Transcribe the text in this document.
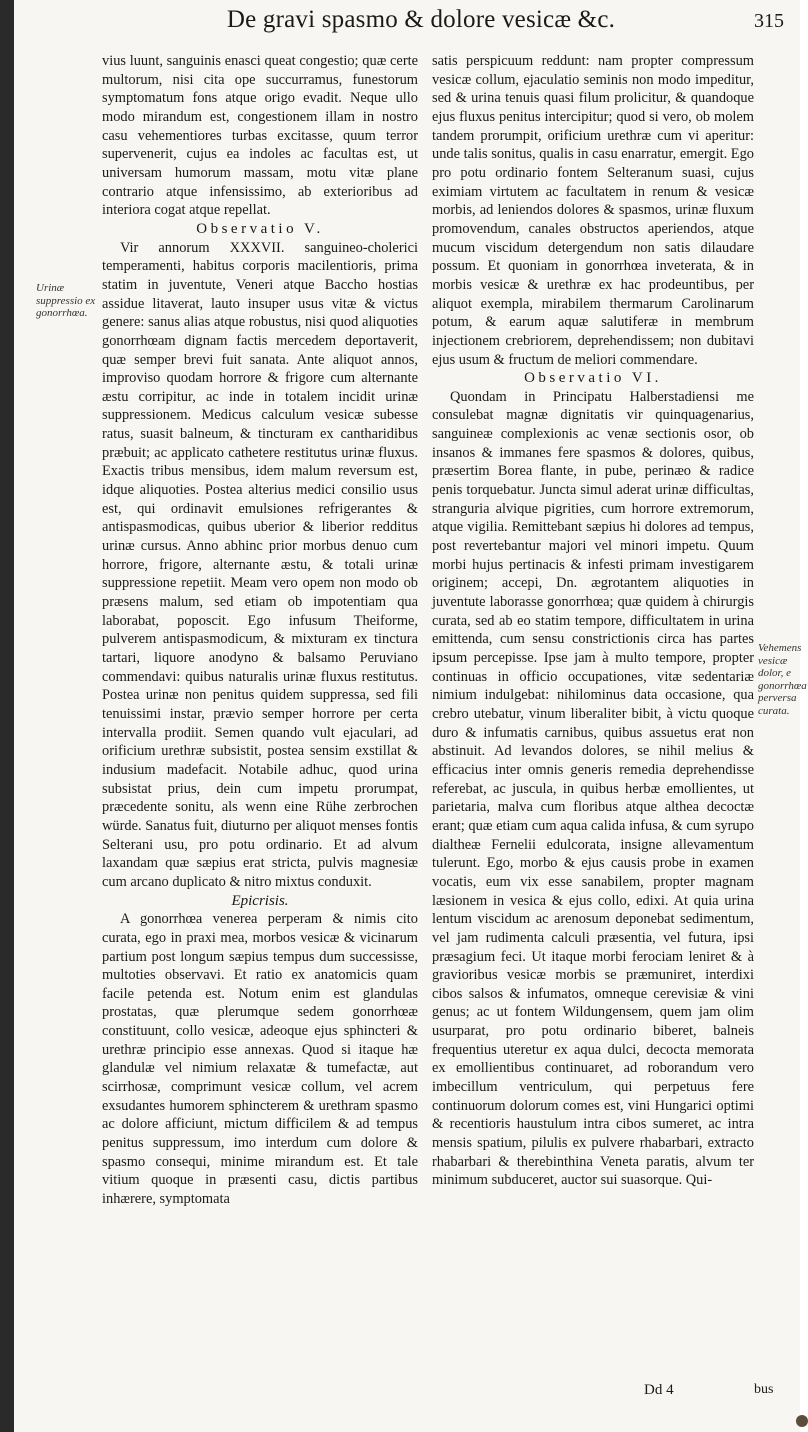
De gravi spasmo & dolore vesicæ &c.	315
Urinæ suppressio ex gonorrhœa.
Vehemens vesicæ dolor, e gonorrhœa perversa curata.

vius luunt, sanguinis enasci queat congestio; quæ certe multorum, nisi cita ope succurramus, funestorum symptomatum fons atque origo evadit. Neque ullo modo mirandum est, congestionem illam in nostro casu vehementiores turbas excitasse, quum terror supervenerit, cujus ea indoles ac facultas est, ut universam humorum massam, motu vitæ plane contrario atque infensissimo, ab exterioribus ad interiora cogat atque repellat.

Observatio V.

Vir annorum XXXVII. sanguineo-cholerici temperamenti, habitus corporis macilentioris, prima statim in juventute, Veneri atque Baccho hostias assidue litaverat, lauto insuper usus vitæ & victus genere: sanus alias atque robustus, nisi quod aliquoties gonorrhœam dignam factis mercedem deportaverit, quæ semper brevi fuit sanata. Ante aliquot annos, improviso quodam horrore & frigore cum alternante æstu corripitur, ac inde in totalem incidit urinæ suppressionem. Medicus calculum vesicæ subesse ratus, suasit balneum, & tincturam ex cantharidibus præbuit; ac applicato cathetere restitutus urinæ fluxus. Exactis tribus mensibus, idem malum reversum est, idque aliquoties. Postea alterius medici consilio usus est, qui ordinavit emulsiones refrigerantes & antispasmodicas, quibus uberior & liberior redditus urinæ cursus. Anno abhinc prior morbus denuo cum horrore, frigore, alternante æstu, & totali urinæ suppressione repetiit. Meam vero opem non modo ob præsens malum, sed etiam ob impotentiam qua laborabat, poposcit. Ego infusum Theiforme, pulverem antispasmodicum, & mixturam ex tinctura tartari, liquore anodyno & balsamo Peruviano commendavi: quibus naturalis urinæ fluxus restitutus. Postea urinæ non penitus quidem suppressa, sed fili tenuissimi instar, prævio semper horrore per certa intervalla prodiit. Semen quando vult ejaculari, ad orificium urethræ subsistit, postea sensim exstillat & indusium madefacit. Notabile adhuc, quod urina subsistat prius, dein cum impetu prorumpat, præcedente sonitu, als wenn eine Rühe zerbrochen würde. Sanatus fuit, diuturno per aliquot menses fontis Selterani usu, pro potu ordinario. Et ad alvum laxandam quæ sæpius erat stricta, pulvis magnesiæ cum arcano duplicato & nitro mixtus conduxit.

Epicrisis.

A gonorrhœa venerea perperam & nimis cito curata, ego in praxi mea, morbos vesicæ & vicinarum partium post longum sæpius tempus dum successisse, multoties observavi. Et ratio ex anatomicis quam facile petenda est. Notum enim est glandulas prostatas, quæ plerumque sedem gonorrhœæ constituunt, collo vesicæ, adeoque ejus sphincteri & urethræ principio esse annexas. Quod si itaque hæ glandulæ vel nimium relaxatæ & tumefactæ, aut scirrhosæ, comprimunt vesicæ collum, vel acrem exsudantes humorem sphincterem & urethram spasmo ac dolore afficiunt, mictum difficilem & ad tempus penitus suppressum, imo interdum cum dolore & spasmo consequi, minime mirandum est. Et tale vitium quoque in præsenti casu, dictis partibus inhærere, symptomata

satis perspicuum reddunt: nam propter compressum vesicæ collum, ejaculatio seminis non modo impeditur, sed & urina tenuis quasi filum prolicitur, & quandoque ejus fluxus penitus intercipitur; quod si vero, ob molem tandem prorumpit, orificium urethræ cum vi aperitur: unde talis sonitus, qualis in casu enarratur, emergit. Ego pro potu ordinario fontem Selteranum suasi, cujus eximiam virtutem ac facultatem in renum & vesicæ morbis, ad leniendos dolores & spasmos, urinæ fluxum promovendum, canales obstructos aperiendos, atque mucum viscidum detergendum non satis dilaudare possum. Et quoniam in gonorrhœa inveterata, & in morbis vesicæ & urethræ ex hac prodeuntibus, per aliquot exempla, mirabilem thermarum Carolinarum potum, & earum aquæ salutiferæ in membrum injectionem crebriorem, deprehendissem; non dubitavi ejus usum & fructum de meliori commendare.

Observatio VI.

Quondam in Principatu Halberstadiensi me consulebat magnæ dignitatis vir quinquagenarius, sanguineæ complexionis ac venæ sectionis osor, ob insanos & immanes fere spasmos & dolores, quibus, præsertim Borea flante, in pube, perinæo & radice penis torquebatur. Juncta simul aderat urinæ difficultas, stranguria alvique pigrities, cum horrore extremorum, atque vigilia. Remittebant sæpius hi dolores ad tempus, post revertebantur majori vel minori impetu. Quum morbi hujus pertinacis & infesti primam investigarem originem; accepi, Dn. ægrotantem aliquoties in juventute laborasse gonorrhœa; quæ quidem à chirurgis curata, sed ab eo statim tempore, difficultatem in urina emittenda, cum sensu constrictionis circa has partes ipsum percepisse. Ipse jam à multo tempore, propter continuas in officio occupationes, vitæ sedentariæ nimium indulgebat: nihilominus data occasione, qua crebro utebatur, vinum liberaliter bibit, à victu quoque duro & infumatis carnibus, quibus assuetus erat non abstinuit. Ad levandos dolores, se nihil melius & efficacius inter omnis generis remedia deprehendisse referebat, ac jusculа, in quibus herbæ emollientes, ut parietaria, malva cum floribus atque althea decoctæ erant; quæ etiam cum aqua calida infusa, & cum syrupo dialtheæ Fernelii edulcorata, insigne allevamentum tulerunt. Ego, morbo & ejus causis probe in examen vocatis, eum vix esse sanabilem, propter magnam læsionem in vesica & ejus collo, edixi. At quia urina lentum viscidum ac arenosum deponebat sedimentum, vel jam rudimenta calculi præsentia, vel futura, ipsi præsagium feci. Ut itaque morbi ferociam leniret & à gravioribus vesicæ morbis se præmuniret, interdixi cibos salsos & infumatos, omneque cerevisiæ & vini genus; ac ut fontem Wildungensem, quem jam olim usurparat, pro potu ordinario biberet, balneis frequentius uteretur ex aqua dulci, decocta memorata ex emollientibus continuaret, ad roborandum vero imbecillum ventriculum, qui perpetuus fere continuorum dolorum comes est, vini Hungarici optimi & recentioris haustulum intra cibos sumeret, ac intra mensis spatium, pilulis ex pulvere rhabarbari, extracto rhabarbari & therebinthina Veneta paratis, alvum ter minimum subduceret, auctor sui suasorque. Qui-

Dd 4	bus
